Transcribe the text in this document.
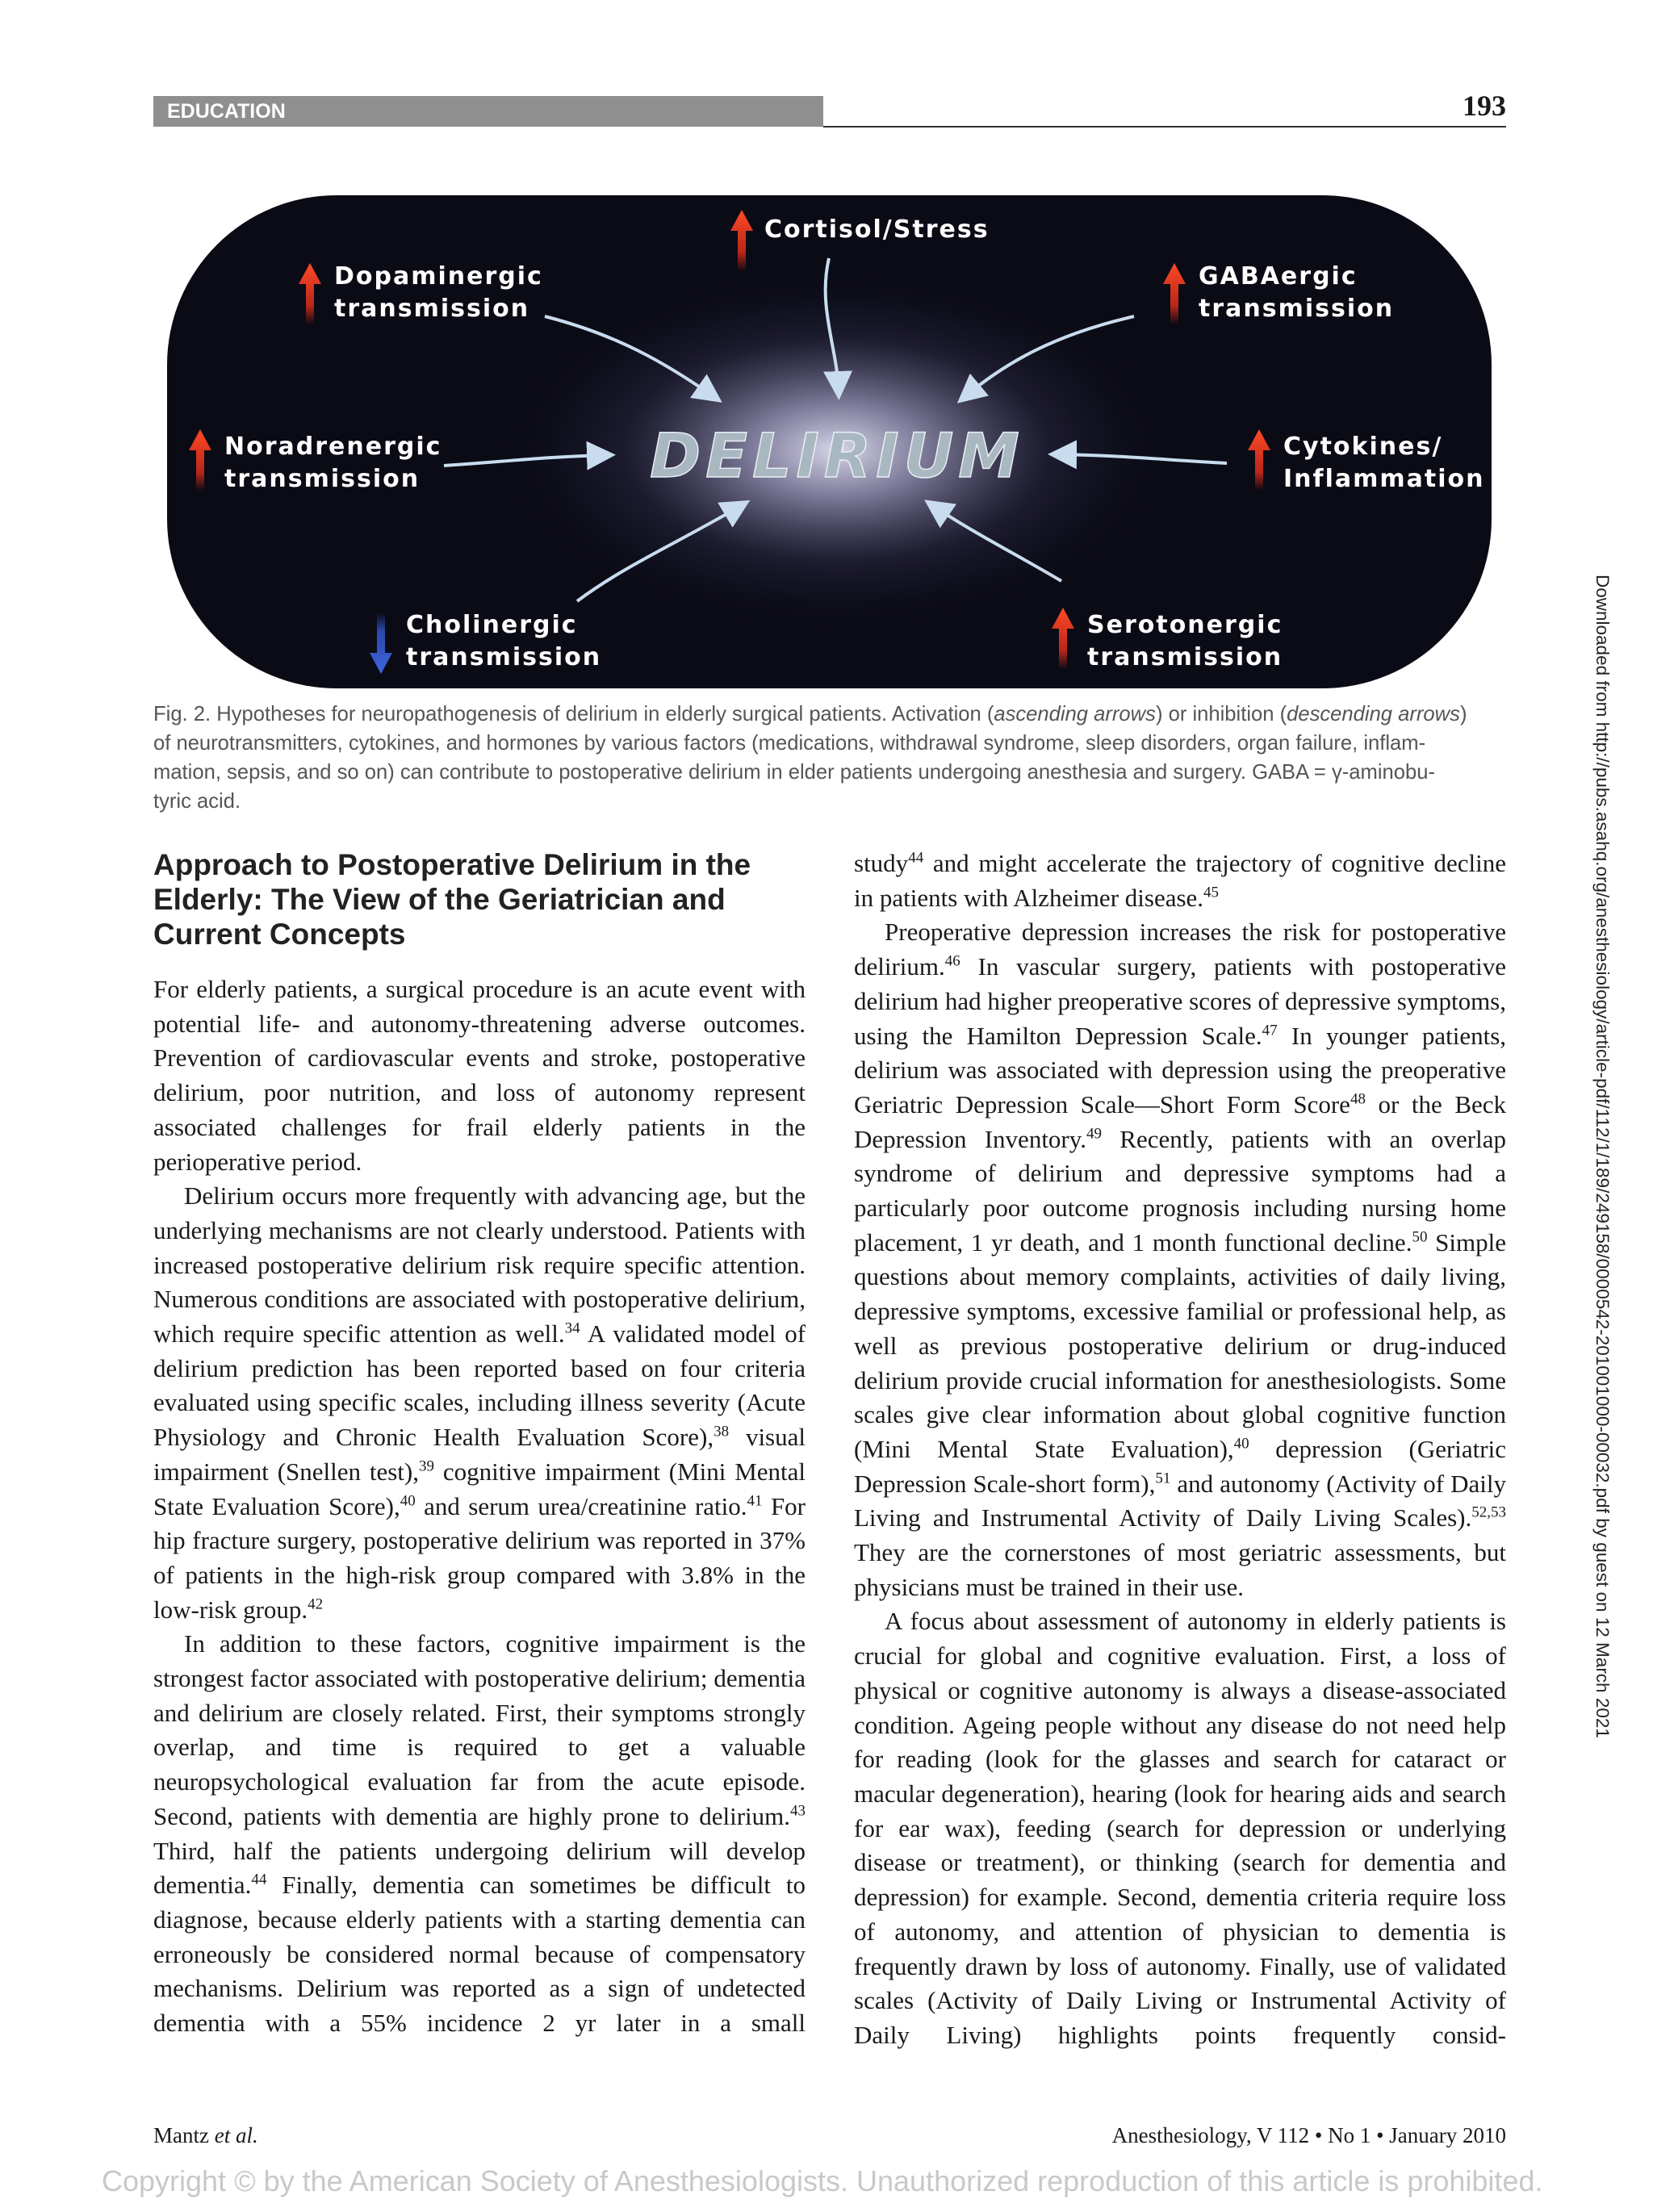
EDUCATION	193
DELIRIUM
Cortisol/Stress
Dopaminergic
transmission
GABAergic
transmission
Noradrenergic
transmission
Cytokines/
Inflammation
Cholinergic
transmission
Serotonergic
transmission
Fig. 2. Hypotheses for neuropathogenesis of delirium in elderly surgical patients. Activation (ascending arrows) or inhibition (descending arrows)
of neurotransmitters, cytokines, and hormones by various factors (medications, withdrawal syndrome, sleep disorders, organ failure, inflam-
mation, sepsis, and so on) can contribute to postoperative delirium in elder patients undergoing anesthesia and surgery. GABA = γ-aminobu-
tyric acid.
Approach to Postoperative Delirium in the Elderly: The View of the Geriatrician and Current Concepts

For elderly patients, a surgical procedure is an acute event with potential life- and autonomy-threatening adverse outcomes. Prevention of cardiovascular events and stroke, postoperative delirium, poor nutrition, and loss of autonomy represent associated challenges for frail elderly patients in the perioperative period.

Delirium occurs more frequently with advancing age, but the underlying mechanisms are not clearly understood. Patients with increased postoperative delirium risk require specific attention. Numerous conditions are associated with postoperative delirium, which require specific attention as well.$^{34}$ A validated model of delirium prediction has been reported based on four criteria evaluated using specific scales, including illness severity (Acute Physiology and Chronic Health Evaluation Score),$^{38}$ visual impairment (Snellen test),$^{39}$ cognitive impairment (Mini Mental State Evaluation Score),$^{40}$ and serum urea/creatinine ratio.$^{41}$ For hip fracture surgery, postoperative delirium was reported in 37% of patients in the high-risk group compared with 3.8% in the low-risk group.$^{42}$

In addition to these factors, cognitive impairment is the strongest factor associated with postoperative delirium; dementia and delirium are closely related. First, their symptoms strongly overlap, and time is required to get a valuable neuropsychological evaluation far from the acute episode. Second, patients with dementia are highly prone to delirium.$^{43}$ Third, half the patients undergoing delirium will develop dementia.$^{44}$ Finally, dementia can sometimes be difficult to diagnose, because elderly patients with a starting dementia can erroneously be considered normal because of compensatory mechanisms. Delirium was reported as a sign of undetected dementia with a 55% incidence 2 yr later in a small

study$^{44}$ and might accelerate the trajectory of cognitive decline in patients with Alzheimer disease.$^{45}$

Preoperative depression increases the risk for postoperative delirium.$^{46}$ In vascular surgery, patients with postoperative delirium had higher preoperative scores of depressive symptoms, using the Hamilton Depression Scale.$^{47}$ In younger patients, delirium was associated with depression using the preoperative Geriatric Depression Scale—Short Form Score$^{48}$ or the Beck Depression Inventory.$^{49}$ Recently, patients with an overlap syndrome of delirium and depressive symptoms had a particularly poor outcome prognosis including nursing home placement, 1 yr death, and 1 month functional decline.$^{50}$ Simple questions about memory complaints, activities of daily living, depressive symptoms, excessive familial or professional help, as well as previous postoperative delirium or drug-induced delirium provide crucial information for anesthesiologists. Some scales give clear information about global cognitive function (Mini Mental State Evaluation),$^{40}$ depression (Geriatric Depression Scale-short form),$^{51}$ and autonomy (Activity of Daily Living and Instrumental Activity of Daily Living Scales).$^{52,53}$ They are the cornerstones of most geriatric assessments, but physicians must be trained in their use.

A focus about assessment of autonomy in elderly patients is crucial for global and cognitive evaluation. First, a loss of physical or cognitive autonomy is always a disease-associated condition. Ageing people without any disease do not need help for reading (look for the glasses and search for cataract or macular degeneration), hearing (look for hearing aids and search for ear wax), feeding (search for depression or underlying disease or treatment), or thinking (search for dementia and depression) for example. Second, dementia criteria require loss of autonomy, and attention of physician to dementia is frequently drawn by loss of autonomy. Finally, use of validated scales (Activity of Daily Living or Instrumental Activity of Daily Living) highlights points frequently consid-

Mantz et al.	Anesthesiology, V 112 • No 1 • January 2010
Copyright © by the American Society of Anesthesiologists. Unauthorized reproduction of this article is prohibited.
Downloaded from http://pubs.asahq.org/anesthesiology/article-pdf/112/1/189/249158/0000542-201001000-00032.pdf by guest on 12 March 2021
